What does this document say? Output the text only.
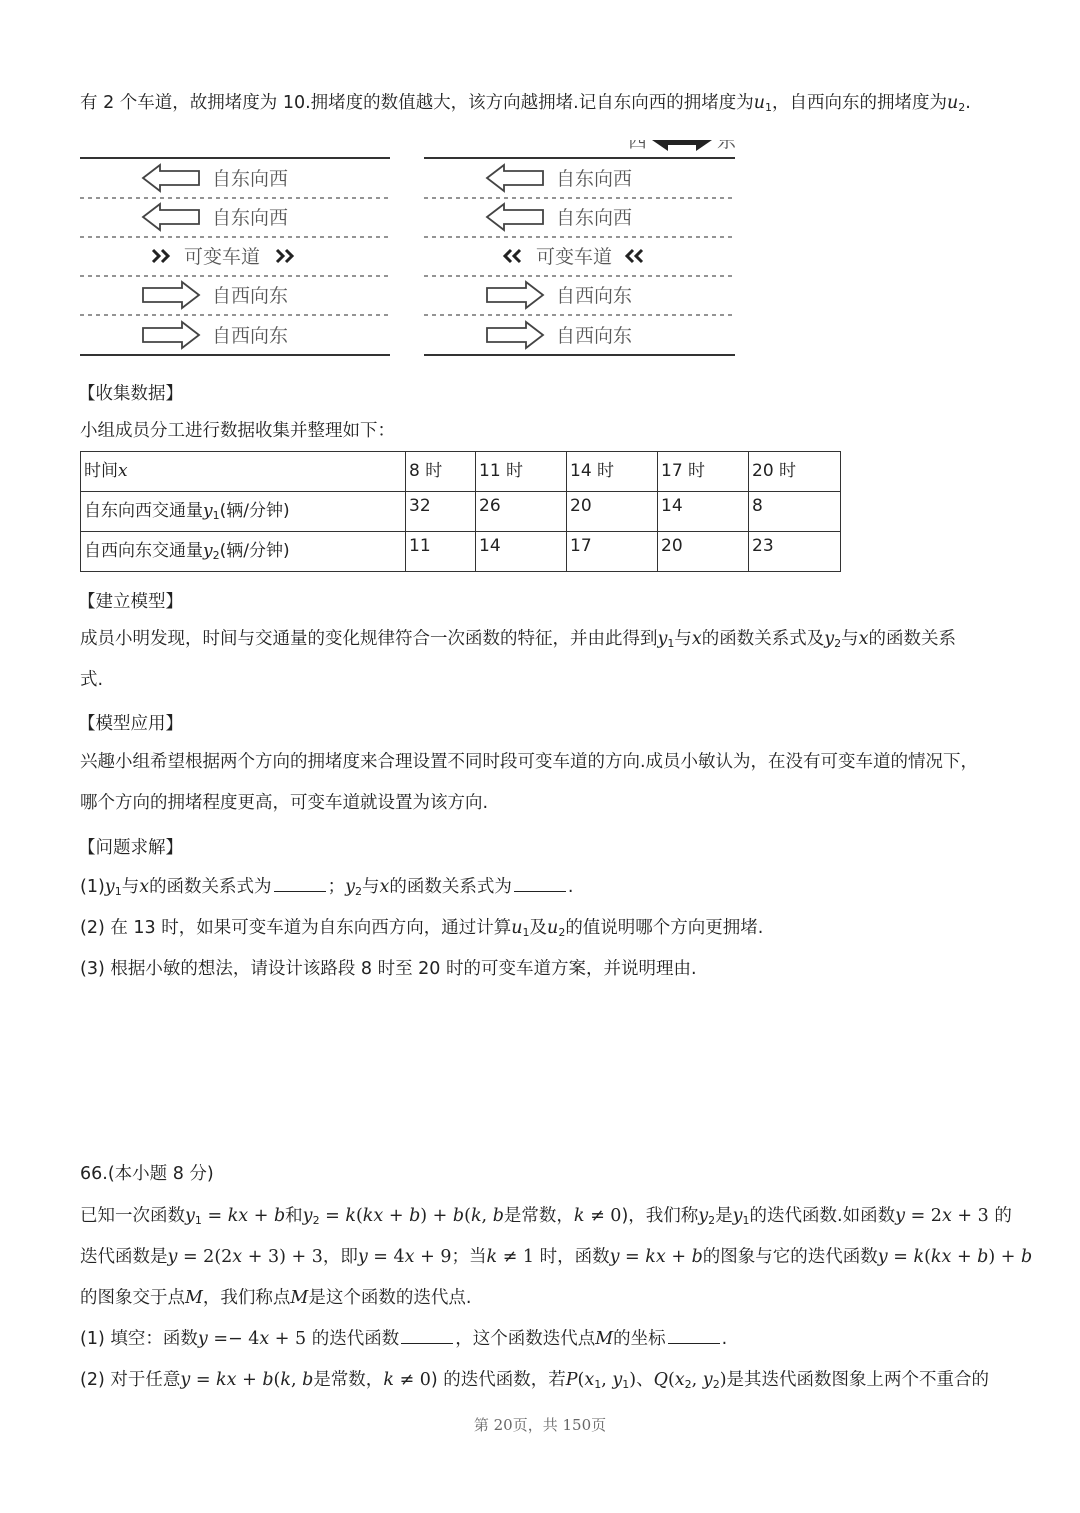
有 2 个车道，故拥堵度为 10.拥堵度的数值越大，该方向越拥堵.记自东向西的拥堵度为$u_1$，自西向东的拥堵度为$u_2$.
西	东
自东向西
自东向西
可变车道
自西向东
自西向东
自东向西
自东向西
可变车道
自西向东
自西向东
【收集数据】
小组成员分工进行数据收集并整理如下：
时间x	8 时	11 时	14 时	17 时	20 时
自东向西交通量$y_1$(辆/分钟)	32	26	20	14	8
自西向东交通量$y_2$(辆/分钟)	11	14	17	20	23
【建立模型】
成员小明发现，时间与交通量的变化规律符合一次函数的特征，并由此得到$y_1$与x的函数关系式及$y_2$与x的函数关系
式.
【模型应用】
兴趣小组希望根据两个方向的拥堵度来合理设置不同时段可变车道的方向.成员小敏认为，在没有可变车道的情况下，
哪个方向的拥堵程度更高，可变车道就设置为该方向.
【问题求解】
$(1)y_1$与x的函数关系式为	；$y_2$与x的函数关系式为	.
(2) 在 13 时，如果可变车道为自东向西方向，通过计算$u_1$及$u_2$的值说明哪个方向更拥堵.
(3) 根据小敏的想法，请设计该路段 8 时至 20 时的可变车道方案，并说明理由.
66.(本小题 8 分)
已知一次函数$y_1$ = kx + b和$y_2 = k(kx + b) + b(k$, b是常数，k ≠ 0)，我们称$y_2$是$y_1$的迭代函数.如函数y = 2x + 3 的
迭代函数是y = 2(2x + 3) + 3，即y = 4x + 9；当k ≠ 1 时，函数y = kx + b的图象与它的迭代函数y = k(kx + b) + b
的图象交于点M，我们称点M是这个函数的迭代点.
(1) 填空：函数y =− 4x + 5 的迭代函数	，这个函数迭代点M的坐标	.
(2) 对于任意y = kx + b(k, b是常数，k ≠ 0) 的迭代函数，若$P(x_1$, $y_1$)、$Q(x_2$, $y_2$)是其迭代函数图象上两个不重合的
第 20页，共 150页
